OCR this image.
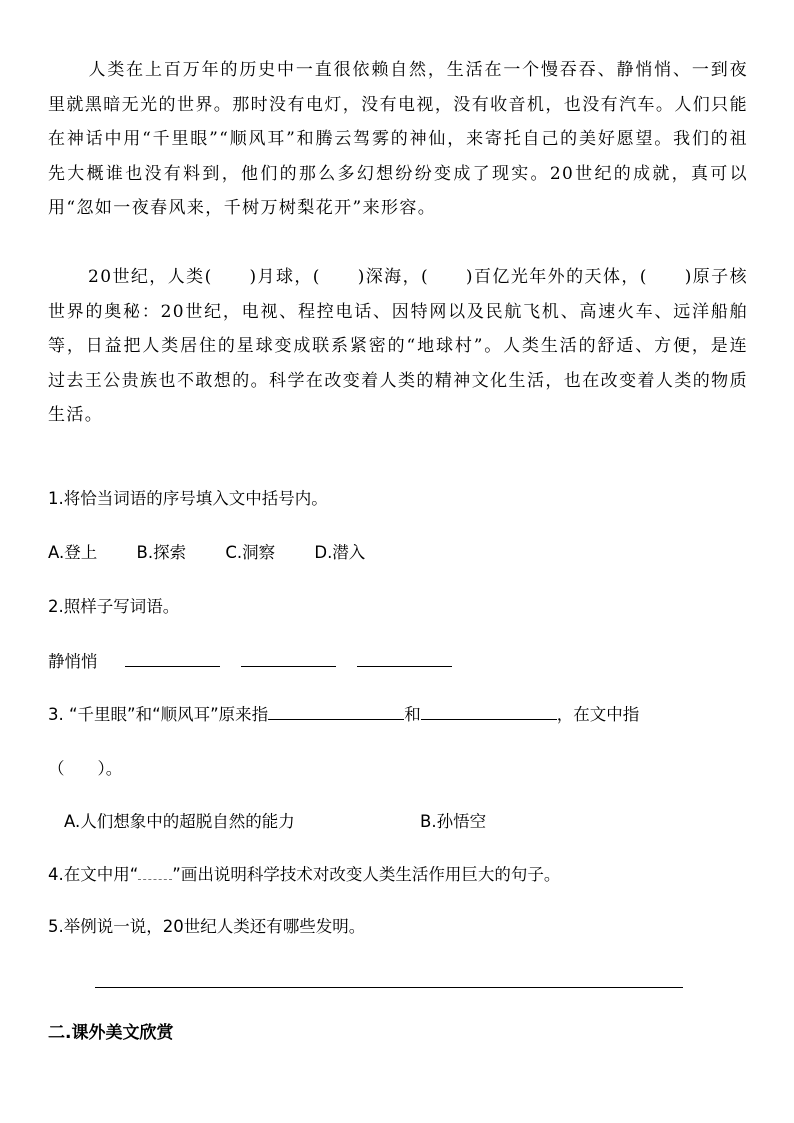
人类在上百万年的历史中一直很依赖自然，生活在一个慢吞吞、静悄悄、一到夜里就黑暗无光的世界。那时没有电灯，没有电视，没有收音机，也没有汽车。人们只能在神话中用“千里眼”“顺风耳”和腾云驾雾的神仙，来寄托自己的美好愿望。我们的祖先大概谁也没有料到，他们的那么多幻想纷纷变成了现实。20世纪的成就，真可以用“忽如一夜春风来，千树万树梨花开”来形容。

20世纪，人类(　　)月球，(　　)深海，(　　)百亿光年外的天体，(　　)原子核世界的奥秘：20世纪，电视、程控电话、因特网以及民航飞机、高速火车、远洋船舶等，日益把人类居住的星球变成联系紧密的“地球村”。人类生活的舒适、方便，是连过去王公贵族也不敢想的。科学在改变着人类的精神文化生活，也在改变着人类的物质生活。

1.将恰当词语的序号填入文中括号内。
A.登上 B.探索 C.洞察 D.潜入
2.照样子写词语。
静悄悄
3. “千里眼”和“顺风耳”原来指	和	，在文中指
（　　）。
A.人们想象中的超脱自然的能力	B.孙悟空
4.在文中用“ ”画出说明科学技术对改变人类生活作用巨大的句子。
5.举例说一说，20世纪人类还有哪些发明。
二.课外美文欣赏
